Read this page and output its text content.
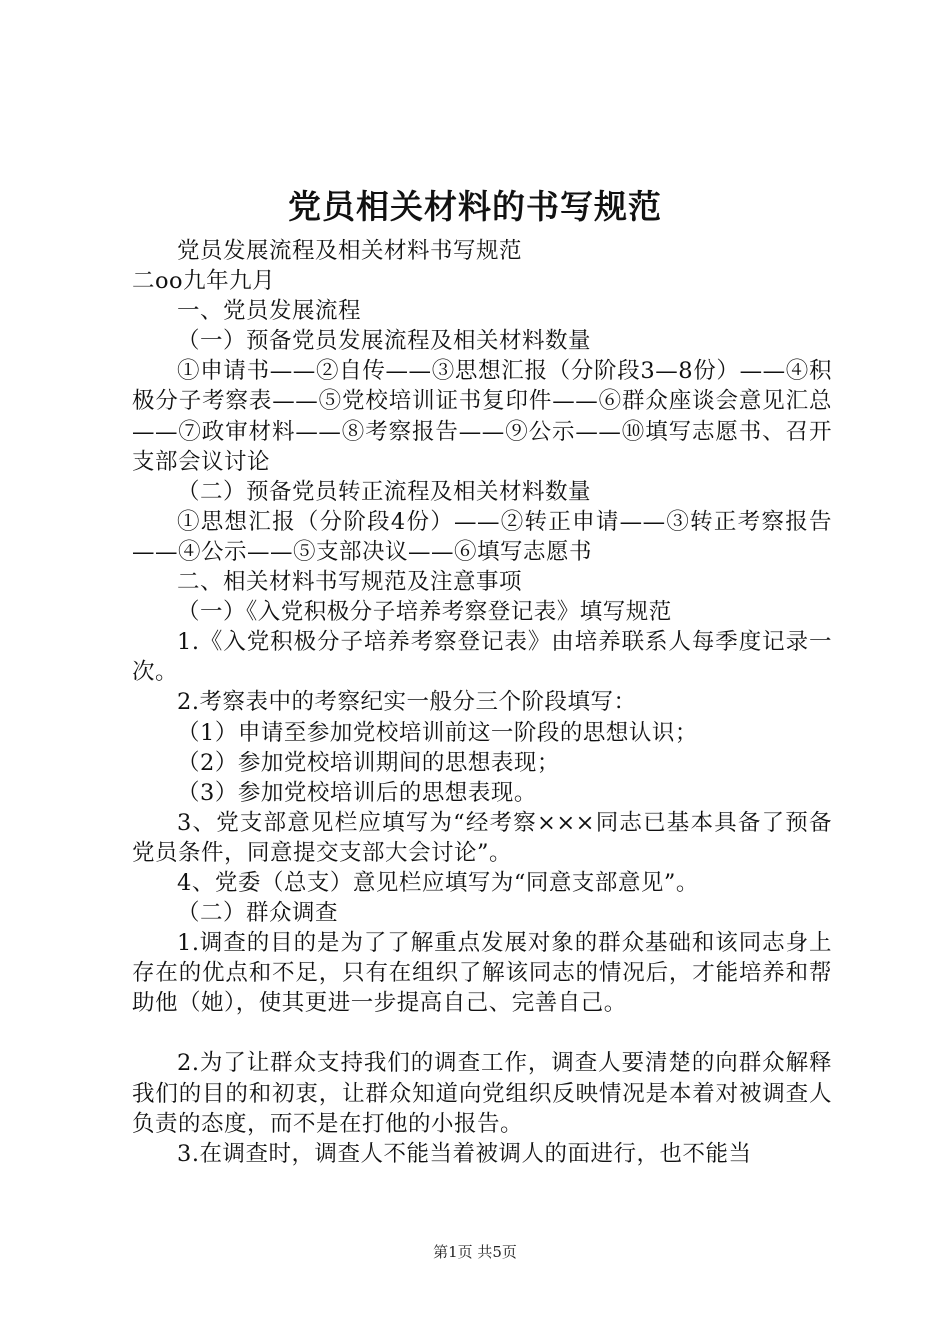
党员相关材料的书写规范

党员发展流程及相关材料书写规范

二oo九年九月

一、党员发展流程

（一）预备党员发展流程及相关材料数量

①申请书——②自传——③思想汇报（分阶段3—8份）——④积极分子考察表——⑤党校培训证书复印件——⑥群众座谈会意见汇总——⑦政审材料——⑧考察报告——⑨公示——⑩填写志愿书、召开支部会议讨论

（二）预备党员转正流程及相关材料数量

①思想汇报（分阶段4份）——②转正申请——③转正考察报告——④公示——⑤支部决议——⑥填写志愿书

二、相关材料书写规范及注意事项

（一）《入党积极分子培养考察登记表》填写规范

1.《入党积极分子培养考察登记表》由培养联系人每季度记录一次。

2.考察表中的考察纪实一般分三个阶段填写：

（1）申请至参加党校培训前这一阶段的思想认识；

（2）参加党校培训期间的思想表现；

（3）参加党校培训后的思想表现。

3、党支部意见栏应填写为“经考察×××同志已基本具备了预备党员条件，同意提交支部大会讨论”。

4、党委（总支）意见栏应填写为“同意支部意见”。

（二）群众调查

1.调查的目的是为了了解重点发展对象的群众基础和该同志身上存在的优点和不足，只有在组织了解该同志的情况后，才能培养和帮助他（她），使其更进一步提高自己、完善自己。

2.为了让群众支持我们的调查工作，调查人要清楚的向群众解释我们的目的和初衷，让群众知道向党组织反映情况是本着对被调查人负责的态度，而不是在打他的小报告。

3.在调查时，调查人不能当着被调人的面进行，也不能当

第1页 共5页
